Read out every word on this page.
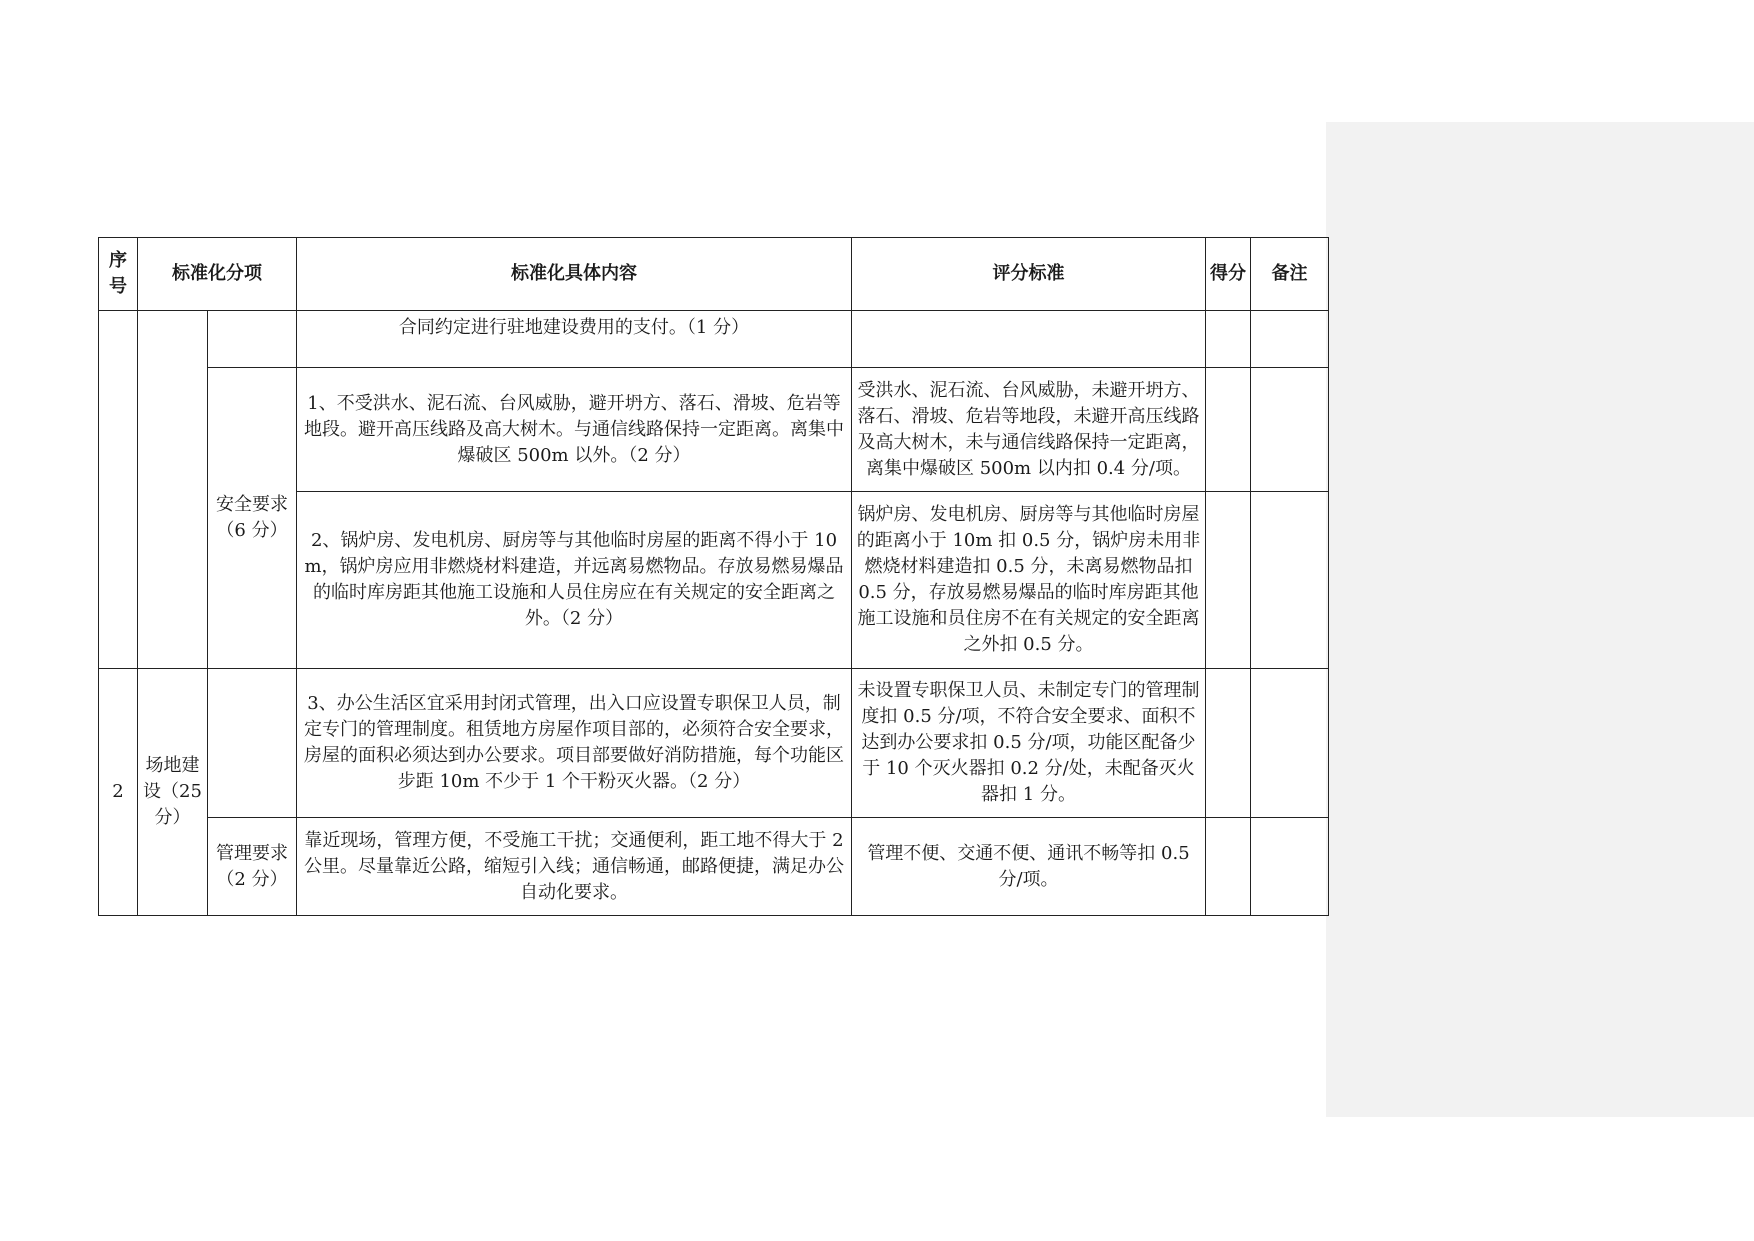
序号	标准化分项		标准化具体内容	评分标准	得分	备注
			合同约定进行驻地建设费用的支付。（1 分）			
		安全要求（6 分）	1、不受洪水、泥石流、台风威胁，避开坍方、落石、滑坡、危岩等地段。避开高压线路及高大树木。与通信线路保持一定距离。离集中爆破区 500m 以外。（2 分）	受洪水、泥石流、台风威胁，未避开坍方、落石、滑坡、危岩等地段，未避开高压线路及高大树木，未与通信线路保持一定距离，离集中爆破区 500m 以内扣 0.4 分/项。		
			2、锅炉房、发电机房、厨房等与其他临时房屋的距离不得小于 10m，锅炉房应用非燃烧材料建造，并远离易燃物品。存放易燃易爆品的临时库房距其他施工设施和人员住房应在有关规定的安全距离之外。（2 分）	锅炉房、发电机房、厨房等与其他临时房屋的距离小于 10m 扣 0.5 分，锅炉房未用非燃烧材料建造扣 0.5 分，未离易燃物品扣 0.5 分，存放易燃易爆品的临时库房距其他施工设施和员住房不在有关规定的安全距离之外扣 0.5 分。		
2	场地建设（25 分）		3、办公生活区宜采用封闭式管理，出入口应设置专职保卫人员，制定专门的管理制度。租赁地方房屋作项目部的，必须符合安全要求，房屋的面积必须达到办公要求。项目部要做好消防措施，每个功能区步距 10m 不少于 1 个干粉灭火器。（2 分）	未设置专职保卫人员、未制定专门的管理制度扣 0.5 分/项，不符合安全要求、面积不达到办公要求扣 0.5 分/项，功能区配备少于 10 个灭火器扣 0.2 分/处，未配备灭火器扣 1 分。		
		管理要求（2 分）	靠近现场，管理方便，不受施工干扰；交通便利，距工地不得大于 2 公里。尽量靠近公路，缩短引入线；通信畅通，邮路便捷，满足办公自动化要求。	管理不便、交通不便、通讯不畅等扣 0.5 分/项。		
